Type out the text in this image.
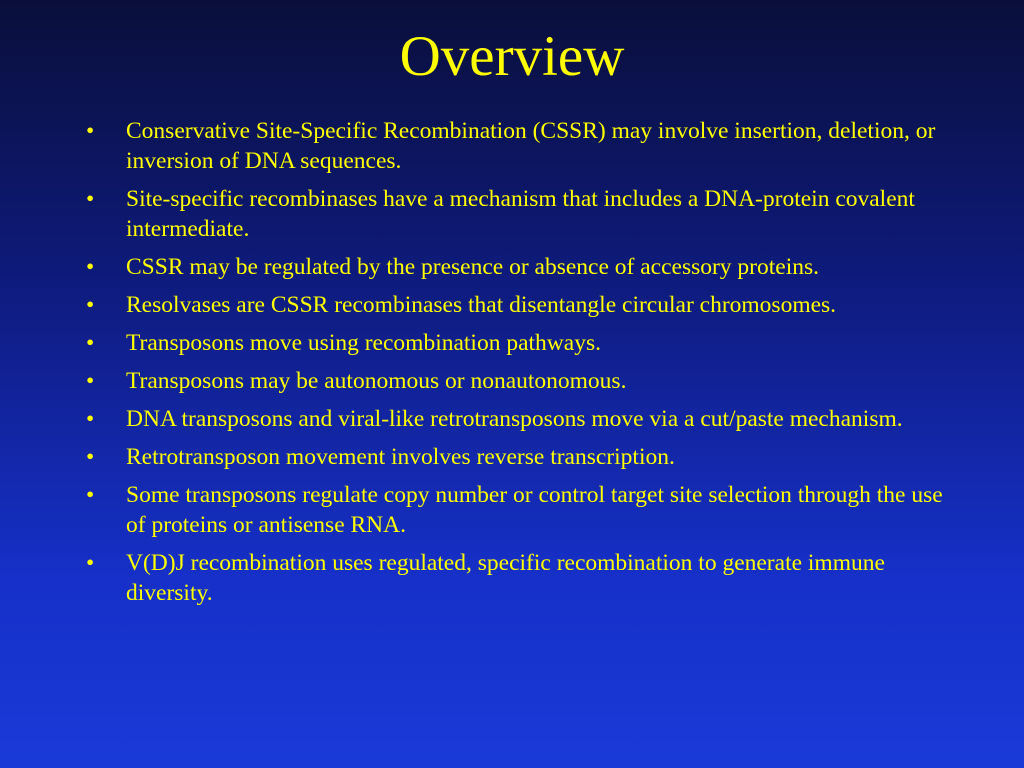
Overview
• Conservative Site-Specific Recombination (CSSR) may involve insertion, deletion, or inversion of DNA sequences.
• Site-specific recombinases have a mechanism that includes a DNA-protein covalent intermediate.
• CSSR may be regulated by the presence or absence of accessory proteins.
• Resolvases are CSSR recombinases that disentangle circular chromosomes.
• Transposons move using recombination pathways.
• Transposons may be autonomous or nonautonomous.
• DNA transposons and viral-like retrotransposons move via a cut/paste mechanism.
• Retrotransposon movement involves reverse transcription.
• Some transposons regulate copy number or control target site selection through the use of proteins or antisense RNA.
• V(D)J recombination uses regulated, specific recombination to generate immune diversity.
